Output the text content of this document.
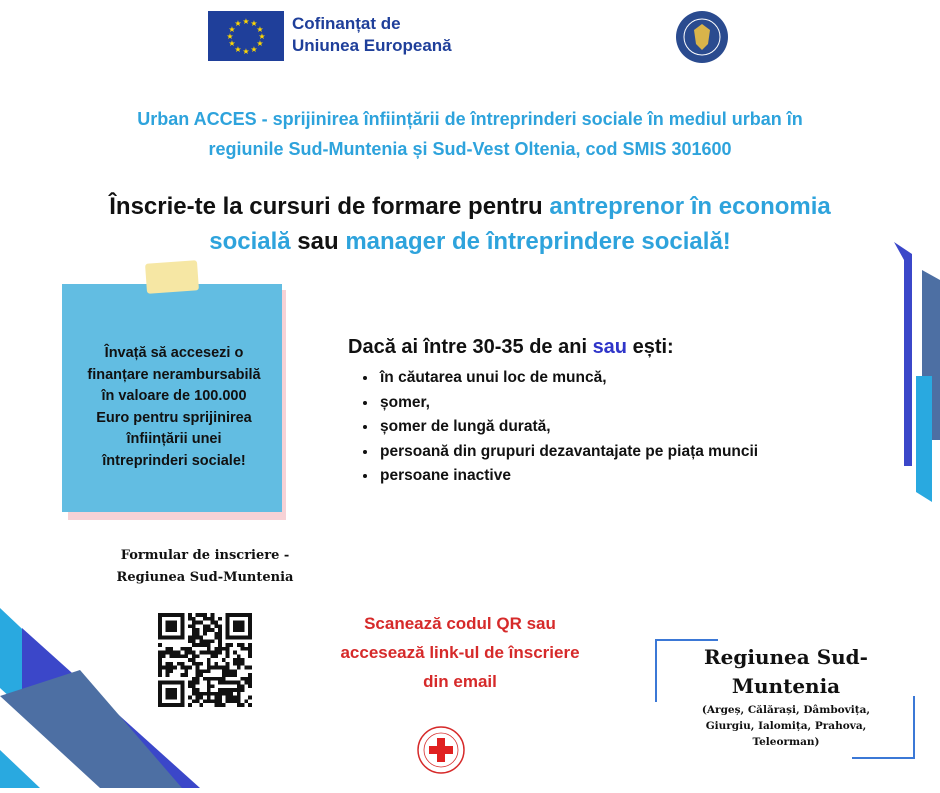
★ ★
★
★
★
★
★
★
★
★
★
★	Cofinanțat de
Uniunea Europeană
Urban ACCES - sprijinirea înființării de întreprinderi sociale în mediul urban în
regiunile Sud-Muntenia și Sud-Vest Oltenia, cod SMIS 301600
Înscrie-te la cursuri de formare pentru antreprenor în economia
socială sau manager de întreprindere socială!
Învață să accesezi o
finanțare nerambursabilă
în valoare de 100.000
Euro pentru sprijinirea
înființării unei
întreprinderi sociale!
Dacă ai între 30-35 de ani sau ești:
• în căutarea unui loc de muncă,
• șomer,
• șomer de lungă durată,
• persoană din grupuri dezavantajate pe piața muncii
• persoane inactive
Formular de inscriere -
Regiunea Sud-Muntenia
Scanează codul QR sau
accesează link-ul de înscriere
din email
Regiunea Sud-
Muntenia
(Argeș, Călărași, Dâmbovița,
Giurgiu, Ialomița, Prahova,
Teleorman)
